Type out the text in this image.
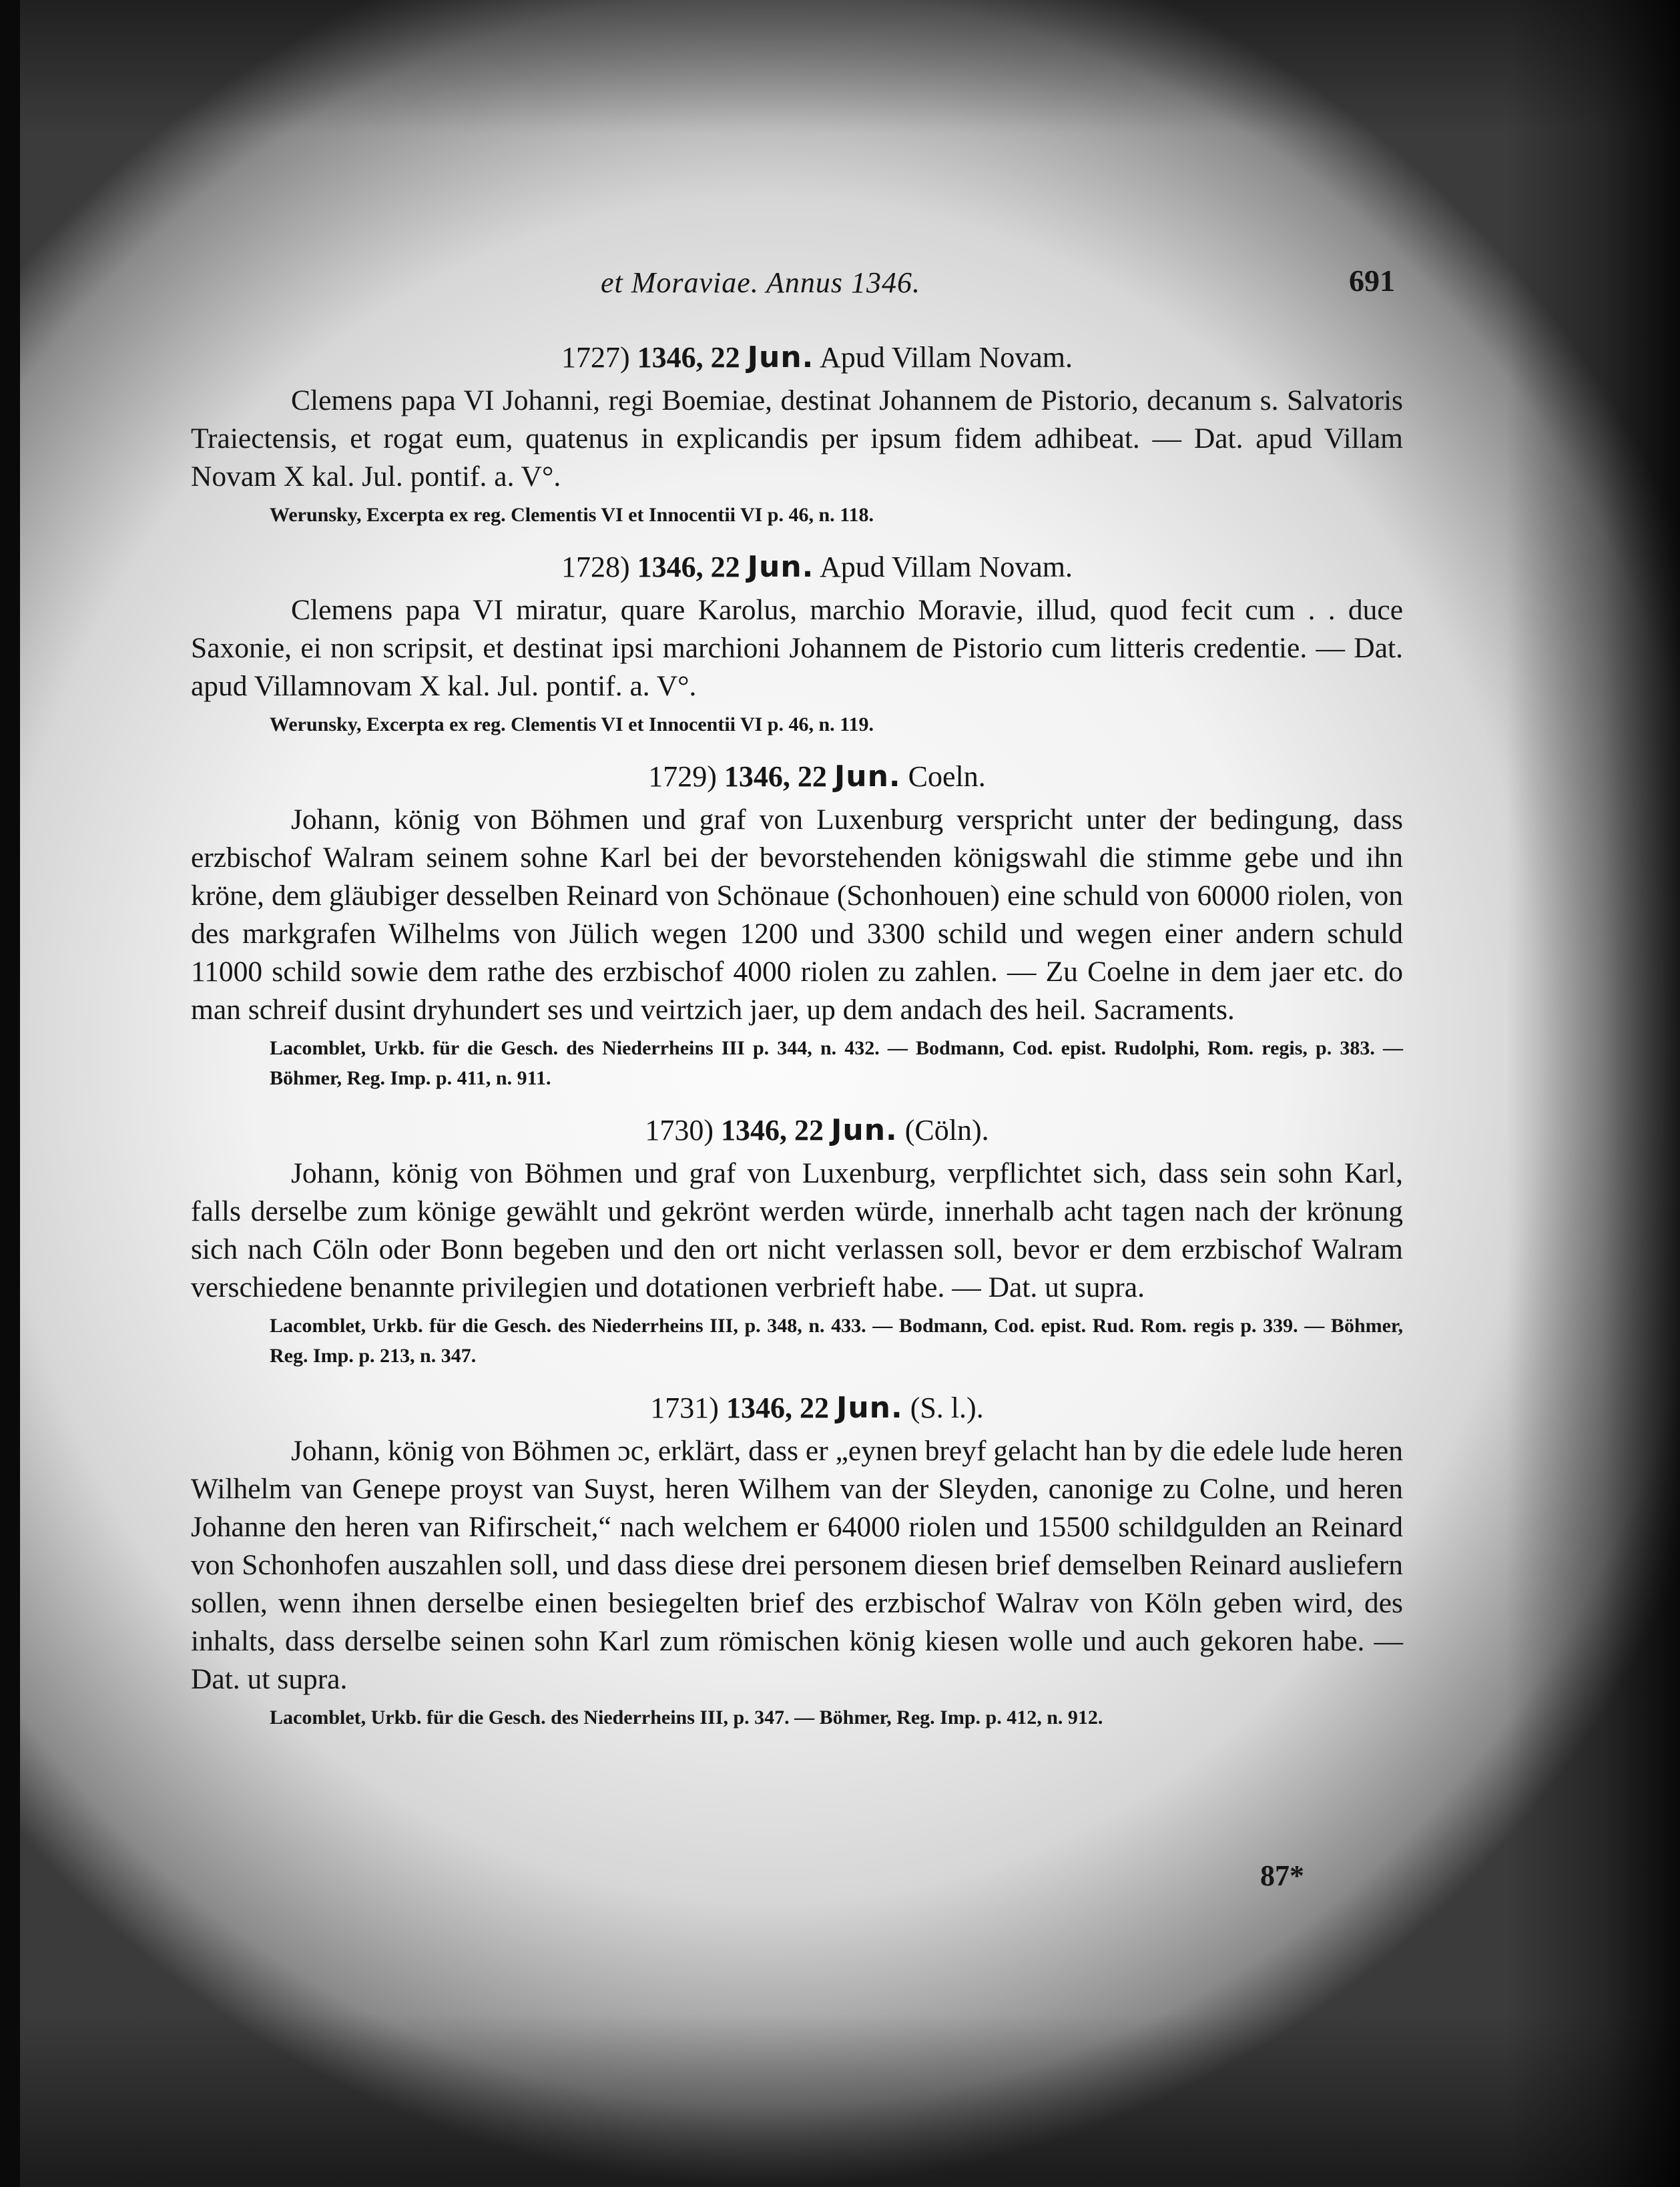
et Moraviae. Annus 1346.	691
1727) 1346, 22 Jun. Apud Villam Novam.

Clemens papa VI Johanni, regi Boemiae, destinat Johannem de Pistorio, decanum s. Salvatoris Traiectensis, et rogat eum, quatenus in explicandis per ipsum fidem adhibeat. — Dat. apud Villam Novam X kal. Jul. pontif. a. V°.

Werunsky, Excerpta ex reg. Clementis VI et Innocentii VI p. 46, n. 118.

1728) 1346, 22 Jun. Apud Villam Novam.

Clemens papa VI miratur, quare Karolus, marchio Moravie, illud, quod fecit cum . . duce Saxonie, ei non scripsit, et destinat ipsi marchioni Johannem de Pistorio cum litteris credentie. — Dat. apud Villamnovam X kal. Jul. pontif. a. V°.

Werunsky, Excerpta ex reg. Clementis VI et Innocentii VI p. 46, n. 119.

1729) 1346, 22 Jun. Coeln.

Johann, könig von Böhmen und graf von Luxenburg verspricht unter der bedingung, dass erzbischof Walram seinem sohne Karl bei der bevorstehenden königswahl die stimme gebe und ihn kröne, dem gläubiger desselben Reinard von Schönaue (Schonhouen) eine schuld von 60000 riolen, von des markgrafen Wilhelms von Jülich wegen 1200 und 3300 schild und wegen einer andern schuld 11000 schild sowie dem rathe des erzbischof 4000 riolen zu zahlen. — Zu Coelne in dem jaer etc. do man schreif dusint dryhundert ses und veirtzich jaer, up dem andach des heil. Sacraments.

Lacomblet, Urkb. für die Gesch. des Niederrheins III p. 344, n. 432. — Bodmann, Cod. epist. Rudolphi, Rom. regis, p. 383. — Böhmer, Reg. Imp. p. 411, n. 911.

1730) 1346, 22 Jun. (Cöln).

Johann, könig von Böhmen und graf von Luxenburg, verpflichtet sich, dass sein sohn Karl, falls derselbe zum könige gewählt und gekrönt werden würde, innerhalb acht tagen nach der krönung sich nach Cöln oder Bonn begeben und den ort nicht verlassen soll, bevor er dem erzbischof Walram verschiedene benannte privilegien und dotationen verbrieft habe. — Dat. ut supra.

Lacomblet, Urkb. für die Gesch. des Niederrheins III, p. 348, n. 433. — Bodmann, Cod. epist. Rud. Rom. regis p. 339. — Böhmer, Reg. Imp. p. 213, n. 347.

1731) 1346, 22 Jun. (S. l.).

Johann, könig von Böhmen ɔc, erklärt, dass er „eynen breyf gelacht han by die edele lude heren Wilhelm van Genepe proyst van Suyst, heren Wilhem van der Sleyden, canonige zu Colne, und heren Johanne den heren van Rifirscheit,“ nach welchem er 64000 riolen und 15500 schildgulden an Reinard von Schonhofen auszahlen soll, und dass diese drei personem diesen brief demselben Reinard ausliefern sollen, wenn ihnen derselbe einen besiegelten brief des erzbischof Walrav von Köln geben wird, des inhalts, dass derselbe seinen sohn Karl zum römischen könig kiesen wolle und auch gekoren habe. — Dat. ut supra.

Lacomblet, Urkb. für die Gesch. des Niederrheins III, p. 347. — Böhmer, Reg. Imp. p. 412, n. 912.

87*
